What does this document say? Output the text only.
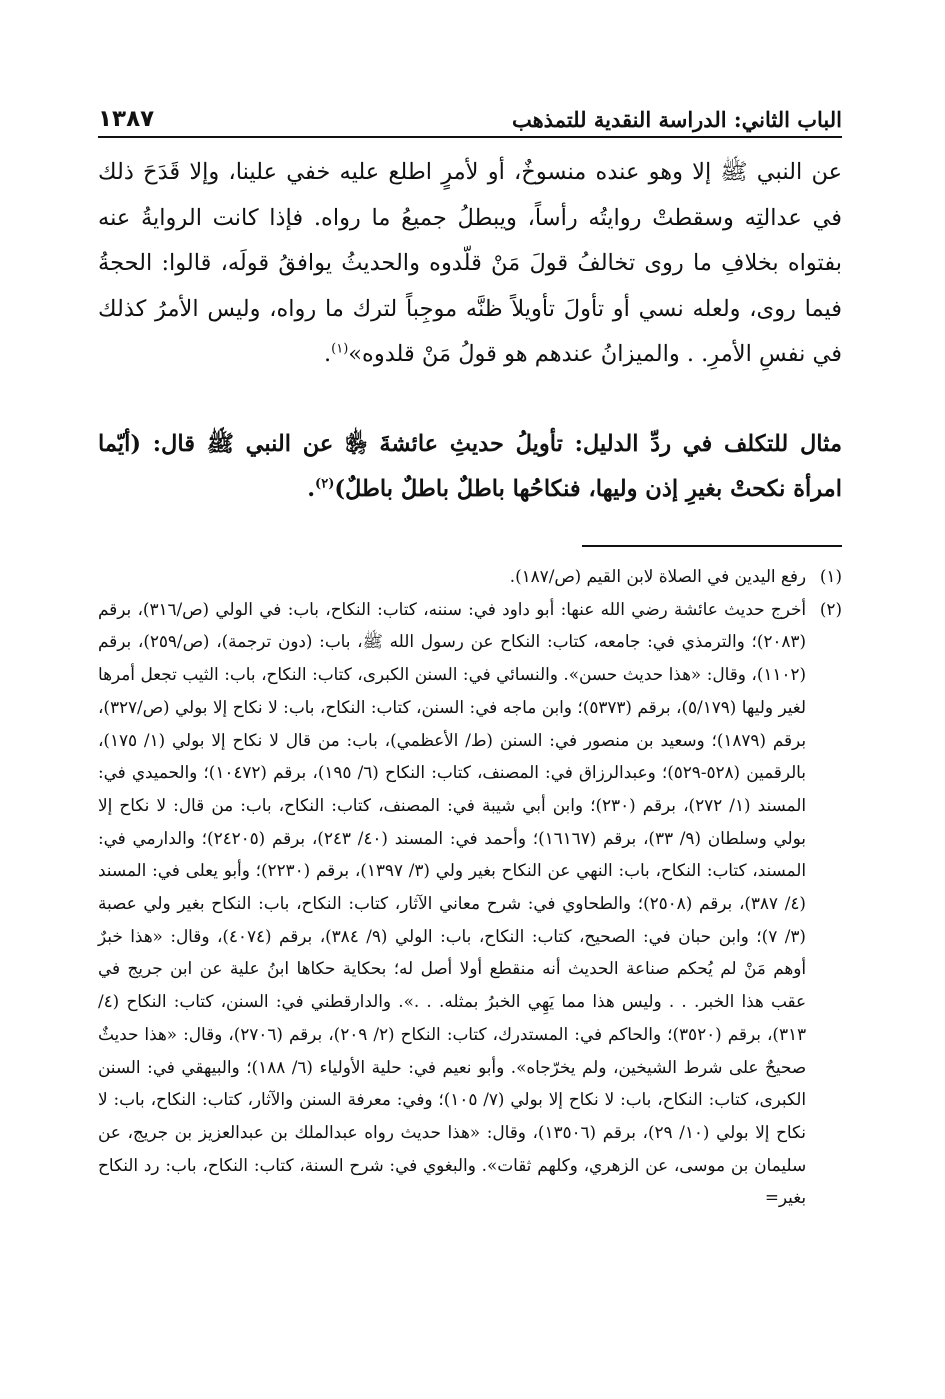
الباب الثاني: الدراسة النقدية للتمذهب
١٣٨٧

عن النبي ﷺ إلا وهو عنده منسوخٌ، أو لأمرٍ اطلع عليه خفي علينا، وإلا قَدَحَ ذلك في عدالتِه وسقطتْ روايتُه رأساً، ويبطلُ جميعُ ما رواه. فإذا كانت الروايةُ عنه بفتواه بخلافِ ما روى تخالفُ قولَ مَنْ قلّدوه والحديثُ يوافقُ قولَه، قالوا: الحجةُ فيما روى، ولعله نسي أو تأولَ تأويلاً ظنَّه موجِباً لترك ما رواه، وليس الأمرُ كذلك في نفسِ الأمرِ. . والميزانُ عندهم هو قولُ مَنْ قلدوه»$^{(١)}$.

مثال للتكلف في ردِّ الدليل: تأويلُ حديثِ عائشةَ ﵂ عن النبي ﷺ قال: (أيّما امرأة نكحتْ بغيرِ إذن وليها، فنكاحُها باطلٌ باطلٌ باطلٌ)$^{(٢)}$.

(١)
رفع اليدين في الصلاة لابن القيم (ص/١٨٧).
(٢)
أخرج حديث عائشة رضي الله عنها: أبو داود في: سننه، كتاب: النكاح، باب: في الولي (ص/٣١٦)، برقم (٢٠٨٣)؛ والترمذي في: جامعه، كتاب: النكاح عن رسول الله ﷺ، باب: (دون ترجمة)، (ص/٢٥٩)، برقم (١١٠٢)، وقال: «هذا حديث حسن». والنسائي في: السنن الكبرى، كتاب: النكاح، باب: الثيب تجعل أمرها لغير وليها (٥/١٧٩)، برقم (٥٣٧٣)؛ وابن ماجه في: السنن، كتاب: النكاح، باب: لا نكاح إلا بولي (ص/٣٢٧)، برقم (١٨٧٩)؛ وسعيد بن منصور في: السنن (ط/ الأعظمي)، باب: من قال لا نكاح إلا بولي (١/ ١٧٥)، بالرقمين (٥٢٨-٥٢٩)؛ وعبدالرزاق في: المصنف، كتاب: النكاح (٦/ ١٩٥)، برقم (١٠٤٧٢)؛ والحميدي في: المسند (١/ ٢٧٢)، برقم (٢٣٠)؛ وابن أبي شيبة في: المصنف، كتاب: النكاح، باب: من قال: لا نكاح إلا بولي وسلطان (٩/ ٣٣)، برقم (١٦١٦٧)؛ وأحمد في: المسند (٤٠/ ٢٤٣)، برقم (٢٤٢٠٥)؛ والدارمي في: المسند، كتاب: النكاح، باب: النهي عن النكاح بغير ولي (٣/ ١٣٩٧)، برقم (٢٢٣٠)؛ وأبو يعلى في: المسند (٤/ ٣٨٧)، برقم (٢٥٠٨)؛ والطحاوي في: شرح معاني الآثار، كتاب: النكاح، باب: النكاح بغير ولي عصبة (٣/ ٧)؛ وابن حبان في: الصحيح، كتاب: النكاح، باب: الولي (٩/ ٣٨٤)، برقم (٤٠٧٤)، وقال: «هذا خبرٌ أوهم مَنْ لم يُحكم صناعة الحديث أنه منقطع أولا أصل له؛ بحكاية حكاها ابنُ علية عن ابن جريج في عقب هذا الخبر. . . وليس هذا مما يَهِي الخبرُ بمثله. . .». والدارقطني في: السنن، كتاب: النكاح (٤/ ٣١٣)، برقم (٣٥٢٠)؛ والحاكم في: المستدرك، كتاب: النكاح (٢/ ٢٠٩)، برقم (٢٧٠٦)، وقال: «هذا حديثٌ صحيحٌ على شرط الشيخين، ولم يخرّجاه». وأبو نعيم في: حلية الأولياء (٦/ ١٨٨)؛ والبيهقي في: السنن الكبرى، كتاب: النكاح، باب: لا نكاح إلا بولي (٧/ ١٠٥)؛ وفي: معرفة السنن والآثار، كتاب: النكاح، باب: لا نكاح إلا بولي (١٠/ ٢٩)، برقم (١٣٥٠٦)، وقال: «هذا حديث رواه عبدالملك بن عبدالعزيز بن جريج، عن سليمان بن موسى، عن الزهري، وكلهم ثقات». والبغوي في: شرح السنة، كتاب: النكاح، باب: رد النكاح بغير=
